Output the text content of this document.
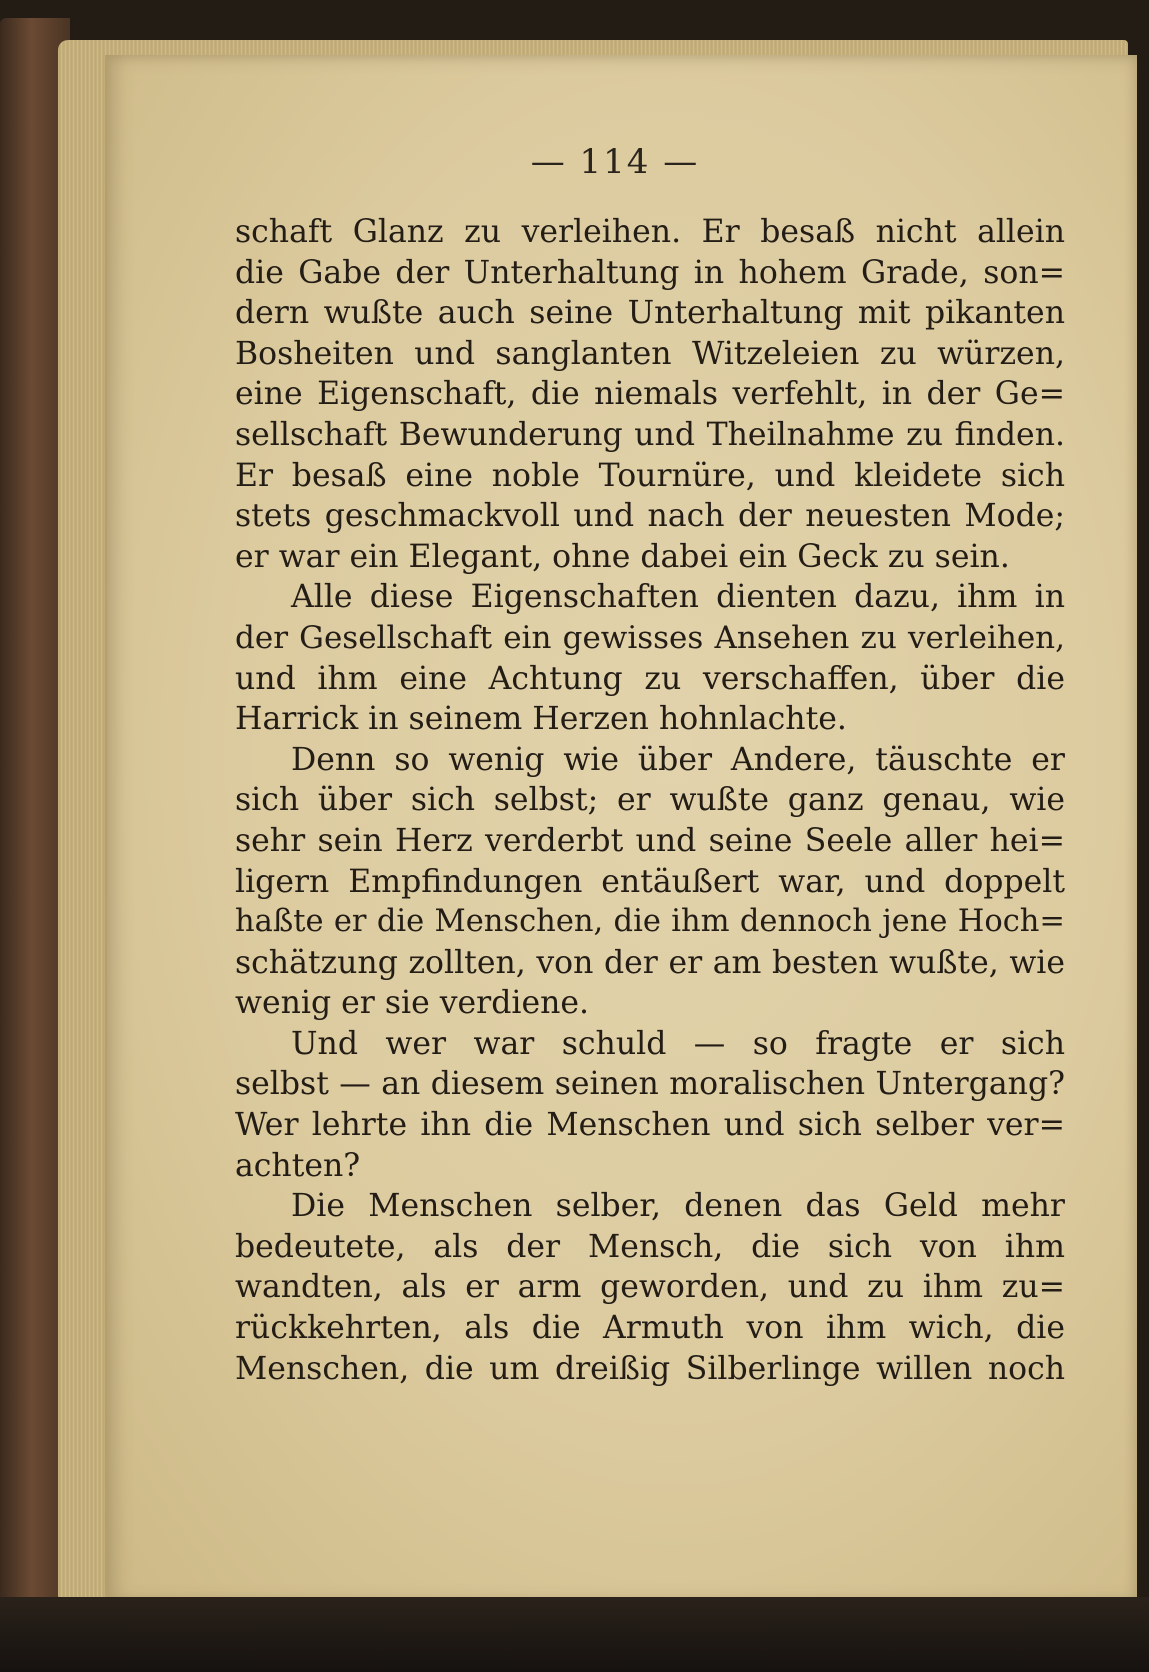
— 114 —
schaft Glanz zu verleihen. Er besaß nicht allein
die Gabe der Unterhaltung in hohem Grade, son=
dern wußte auch seine Unterhaltung mit pikanten
Bosheiten und sanglanten Witzeleien zu würzen,
eine Eigenschaft, die niemals verfehlt, in der Ge=
sellschaft Bewunderung und Theilnahme zu finden.
Er besaß eine noble Tournüre, und kleidete sich
stets geschmackvoll und nach der neuesten Mode;
er war ein Elegant, ohne dabei ein Geck zu sein.
Alle diese Eigenschaften dienten dazu, ihm in
der Gesellschaft ein gewisses Ansehen zu verleihen,
und ihm eine Achtung zu verschaffen, über die
Harrick in seinem Herzen hohnlachte.
Denn so wenig wie über Andere, täuschte er
sich über sich selbst; er wußte ganz genau, wie
sehr sein Herz verderbt und seine Seele aller hei=
ligern Empfindungen entäußert war, und doppelt
haßte er die Menschen, die ihm dennoch jene Hoch=
schätzung zollten, von der er am besten wußte, wie
wenig er sie verdiene.
Und wer war schuld — so fragte er sich
selbst — an diesem seinen moralischen Untergang?
Wer lehrte ihn die Menschen und sich selber ver=
achten?
Die Menschen selber, denen das Geld mehr
bedeutete, als der Mensch, die sich von ihm
wandten, als er arm geworden, und zu ihm zu=
rückkehrten, als die Armuth von ihm wich, die
Menschen, die um dreißig Silberlinge willen noch
